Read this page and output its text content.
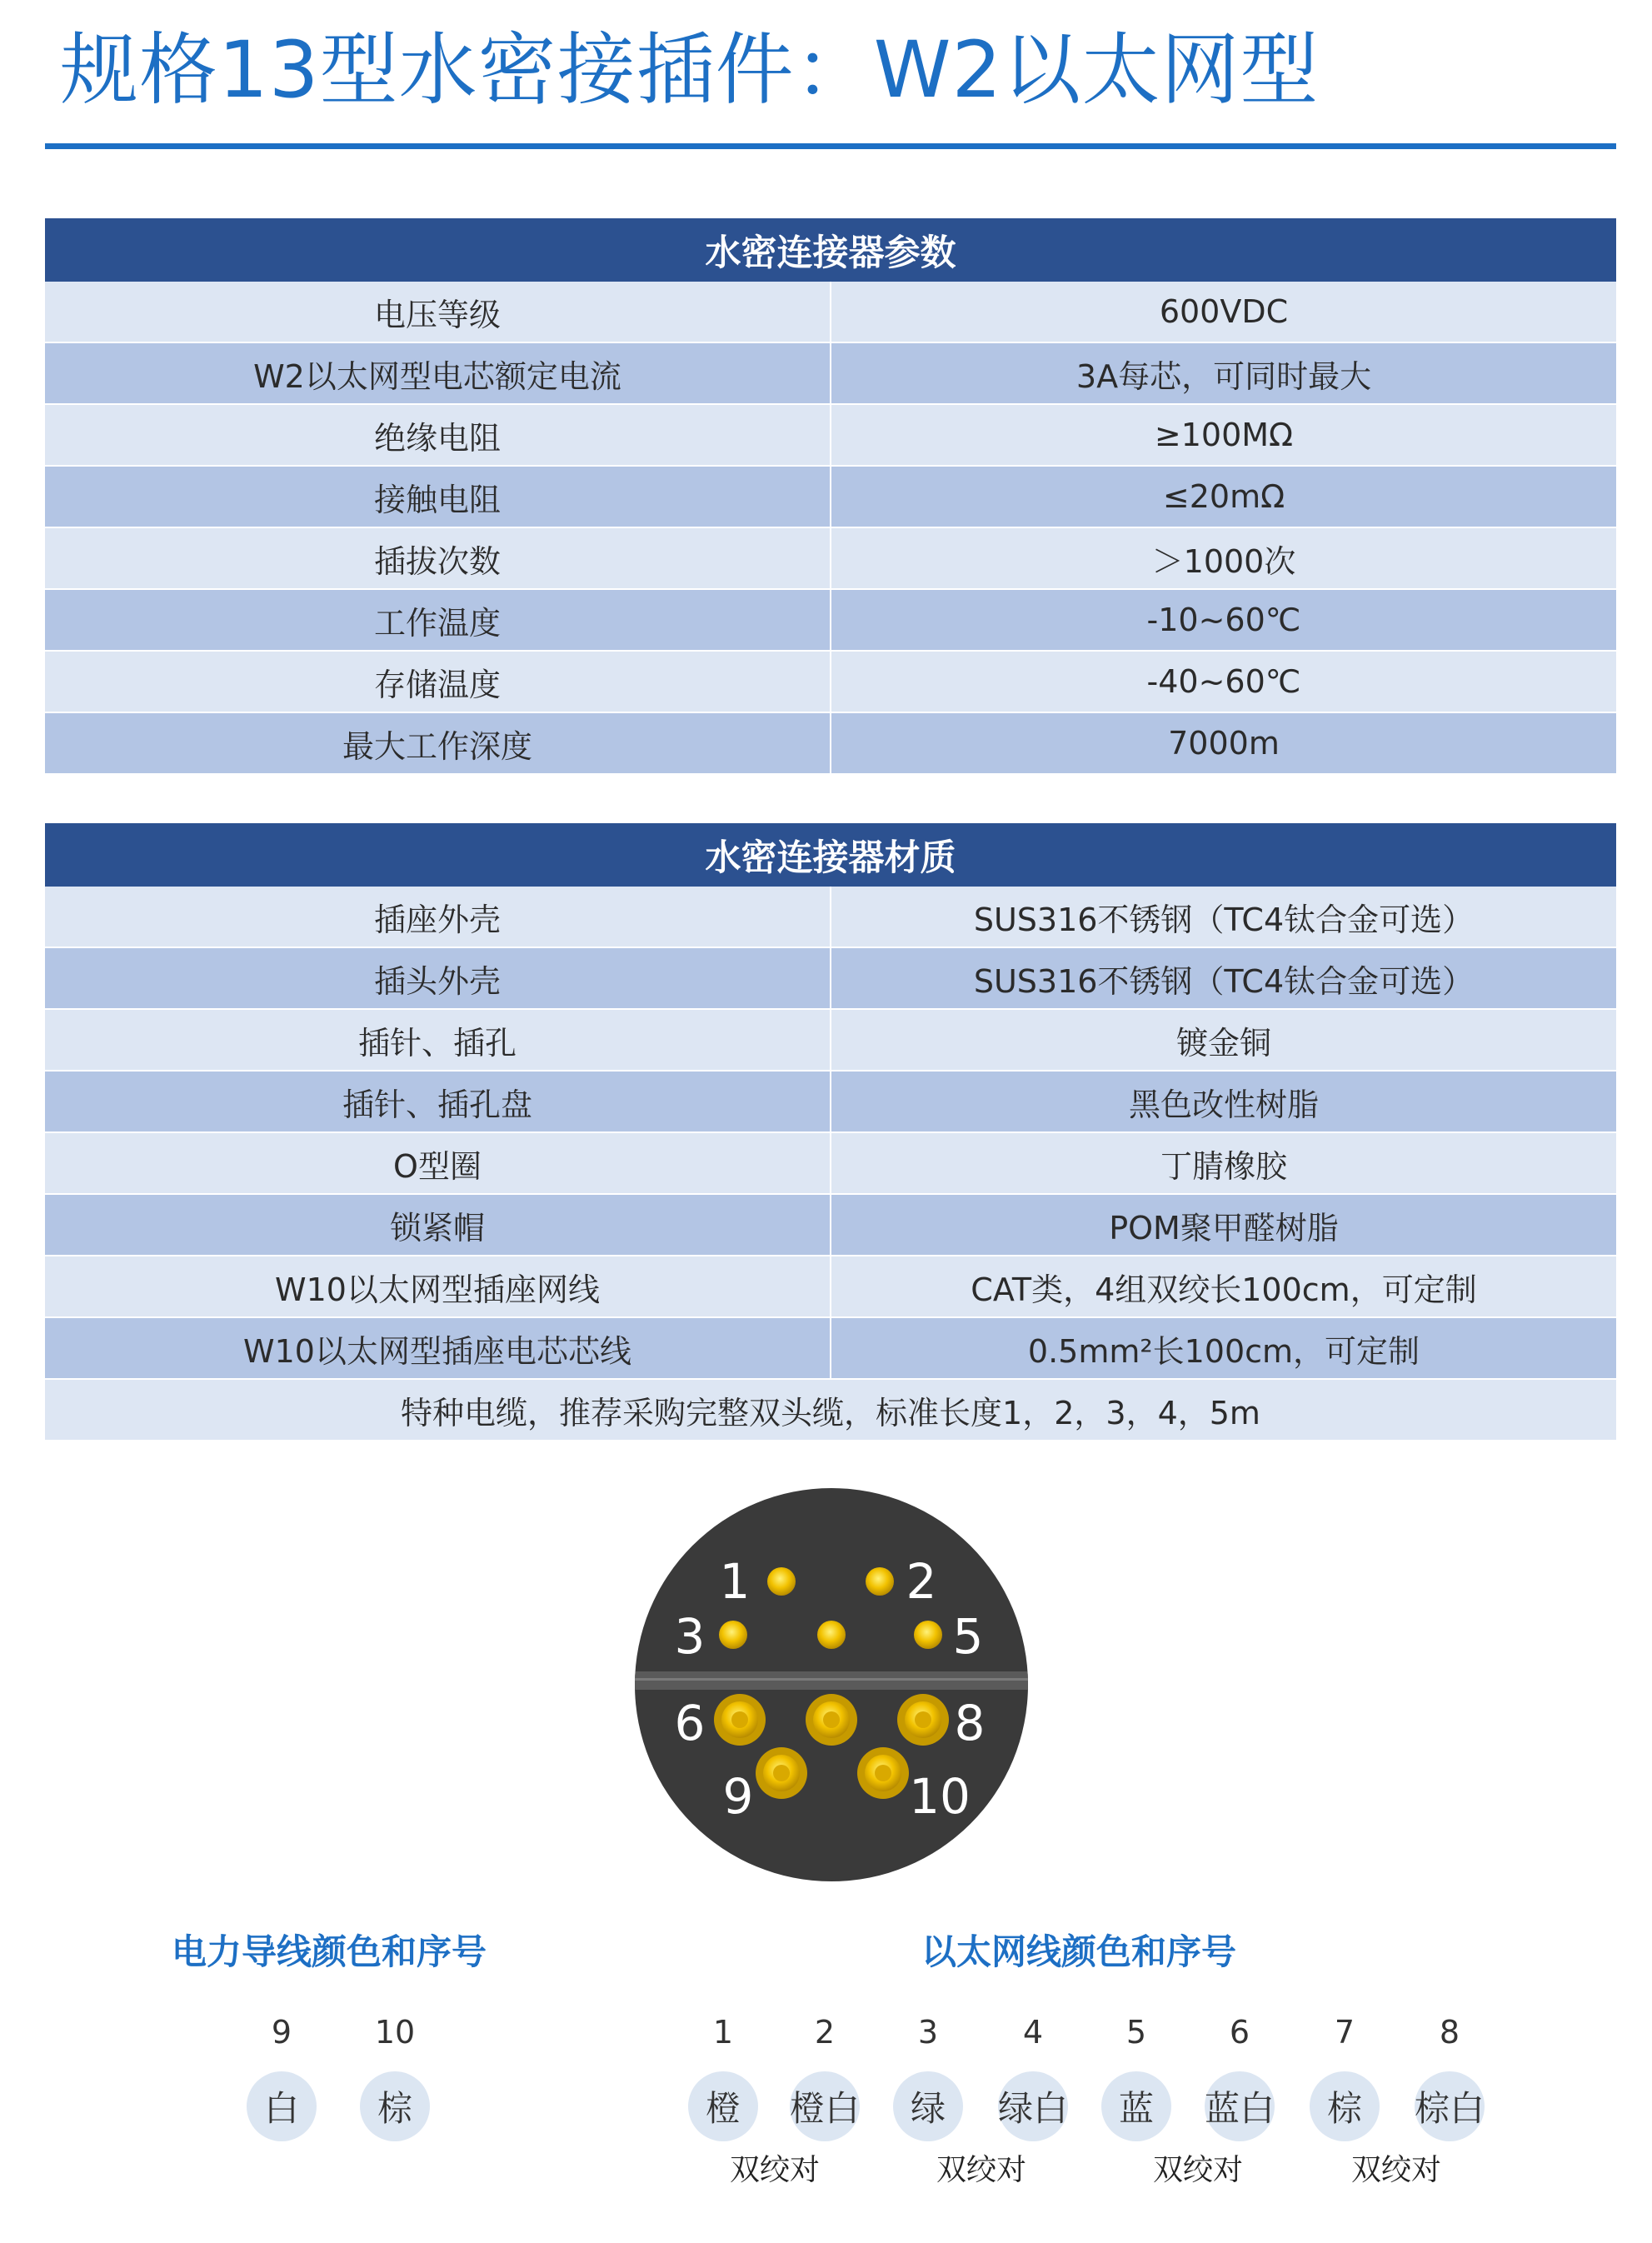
规格13型水密接插件：W2以太网型
水密连接器参数
电压等级	600VDC
W2以太网型电芯额定电流	3A每芯，可同时最大
绝缘电阻	≥100MΩ
接触电阻	≤20mΩ
插拔次数	＞1000次
工作温度	-10~60℃
存储温度	-40~60℃
最大工作深度	7000m
水密连接器材质
插座外壳	SUS316不锈钢（TC4钛合金可选）
插头外壳	SUS316不锈钢（TC4钛合金可选）
插针、插孔	镀金铜
插针、插孔盘	黑色改性树脂
O型圈	丁腈橡胶
锁紧帽	POM聚甲醛树脂
W10以太网型插座网线	CAT类，4组双绞长100cm，可定制
W10以太网型插座电芯芯线	0.5mm²长100cm，可定制
特种电缆，推荐采购完整双头缆，标准长度1，2，3，4，5m
1	2
3	5
6	8
9	10
电力导线颜色和序号
9
白
10
棕
以太网线颜色和序号
1
橙
2
橙白
3
绿
4
绿白
5
蓝
6
蓝白
7
棕
8
棕白
双绞对	双绞对	双绞对	双绞对
